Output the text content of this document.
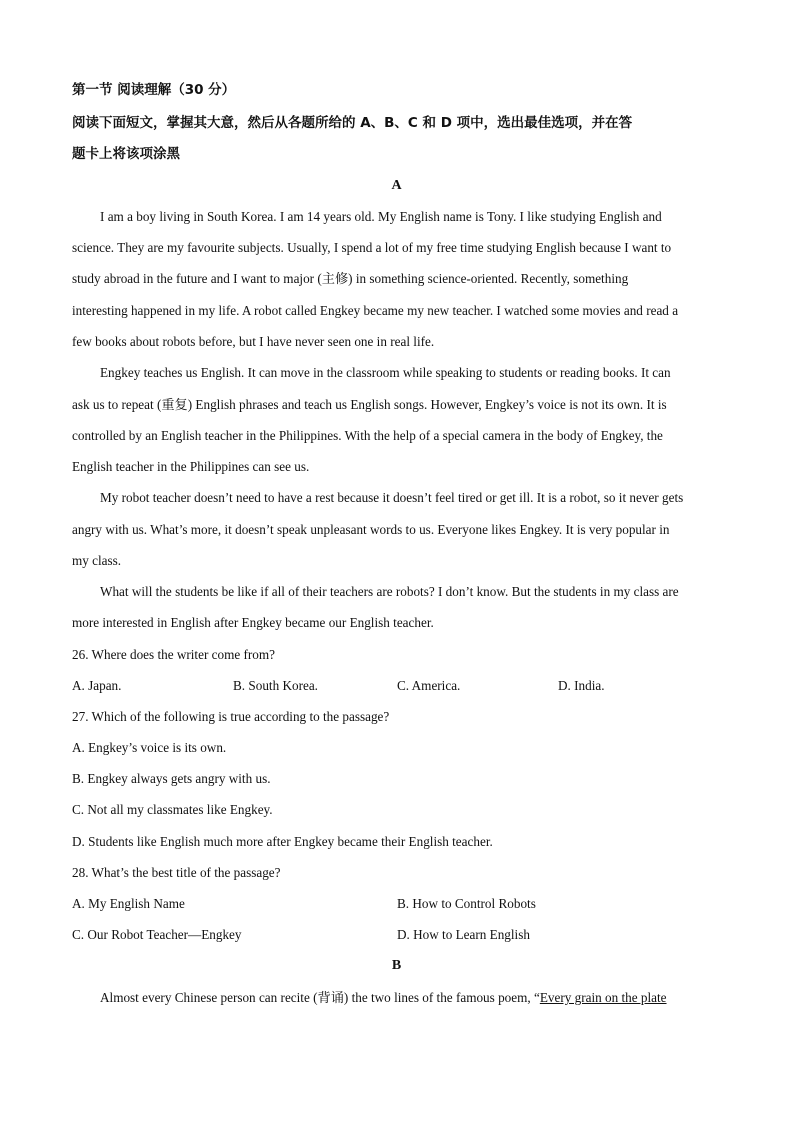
第一节 阅读理解（30 分）
阅读下面短文，掌握其大意，然后从各题所给的 A、B、C 和 D 项中，选出最佳选项，并在答
题卡上将该项涂黑
A
I am a boy living in South Korea. I am 14 years old. My English name is Tony. I like studying English and
science. They are my favourite subjects. Usually, I spend a lot of my free time studying English because I want to
study abroad in the future and I want to major (主修) in something science-oriented. Recently, something
interesting happened in my life. A robot called Engkey became my new teacher. I watched some movies and read a
few books about robots before, but I have never seen one in real life.
Engkey teaches us English. It can move in the classroom while speaking to students or reading books. It can
ask us to repeat (重复) English phrases and teach us English songs. However, Engkey’s voice is not its own. It is
controlled by an English teacher in the Philippines. With the help of a special camera in the body of Engkey, the
English teacher in the Philippines can see us.
My robot teacher doesn’t need to have a rest because it doesn’t feel tired or get ill. It is a robot, so it never gets
angry with us. What’s more, it doesn’t speak unpleasant words to us. Everyone likes Engkey. It is very popular in
my class.
What will the students be like if all of their teachers are robots? I don’t know. But the students in my class are
more interested in English after Engkey became our English teacher.
26. Where does the writer come from?
A. Japan.	B. South Korea.	C. America.	D. India.
27. Which of the following is true according to the passage?
A. Engkey’s voice is its own.
B. Engkey always gets angry with us.
C. Not all my classmates like Engkey.
D. Students like English much more after Engkey became their English teacher.
28. What’s the best title of the passage?
A. My English Name	B. How to Control Robots
C. Our Robot Teacher—Engkey	D. How to Learn English
B
Almost every Chinese person can recite (背诵) the two lines of the famous poem, “Every grain on the plate
